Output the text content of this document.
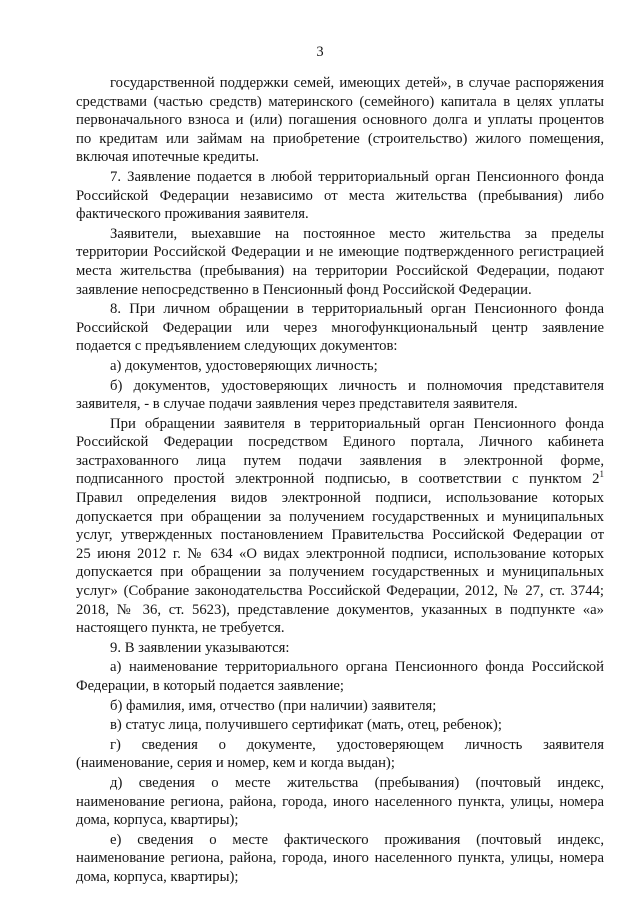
3
государственной поддержки семей, имеющих детей», в случае распоряжения
средствами (частью средств) материнского (семейного) капитала в целях уплаты
первоначального взноса и (или) погашения основного долга и уплаты процентов
по кредитам или займам на приобретение (строительство) жилого помещения,
включая ипотечные кредиты.
7. Заявление подается в любой территориальный орган Пенсионного фонда
Российской Федерации независимо от места жительства (пребывания) либо
фактического проживания заявителя.
Заявители, выехавшие на постоянное место жительства за пределы
территории Российской Федерации и не имеющие подтвержденного регистрацией
места жительства (пребывания) на территории Российской Федерации, подают
заявление непосредственно в Пенсионный фонд Российской Федерации.
8. При личном обращении в территориальный орган Пенсионного фонда
Российской Федерации или через многофункциональный центр заявление
подается с предъявлением следующих документов:
а) документов, удостоверяющих личность;
б) документов, удостоверяющих личность и полномочия представителя
заявителя, - в случае подачи заявления через представителя заявителя.
При обращении заявителя в территориальный орган Пенсионного фонда
Российской Федерации посредством Единого портала, Личного кабинета
застрахованного лица путем подачи заявления в электронной форме,
подписанного простой электронной подписью, в соответствии с пунктом $2^1$
Правил определения видов электронной подписи, использование которых
допускается при обращении за получением государственных и муниципальных
услуг, утвержденных постановлением Правительства Российской Федерации от
25 июня 2012 г. № 634 «О видах электронной подписи, использование которых
допускается при обращении за получением государственных и муниципальных
услуг» (Собрание законодательства Российской Федерации, 2012, № 27, ст. 3744;
2018, № 36, ст. 5623), представление документов, указанных в подпункте «а»
настоящего пункта, не требуется.
9. В заявлении указываются:
а) наименование территориального органа Пенсионного фонда Российской
Федерации, в который подается заявление;
б) фамилия, имя, отчество (при наличии) заявителя;
в) статус лица, получившего сертификат (мать, отец, ребенок);
г) сведения о документе, удостоверяющем личность заявителя
(наименование, серия и номер, кем и когда выдан);
д) сведения о месте жительства (пребывания) (почтовый индекс,
наименование региона, района, города, иного населенного пункта, улицы, номера
дома, корпуса, квартиры);
е) сведения о месте фактического проживания (почтовый индекс,
наименование региона, района, города, иного населенного пункта, улицы, номера
дома, корпуса, квартиры);
